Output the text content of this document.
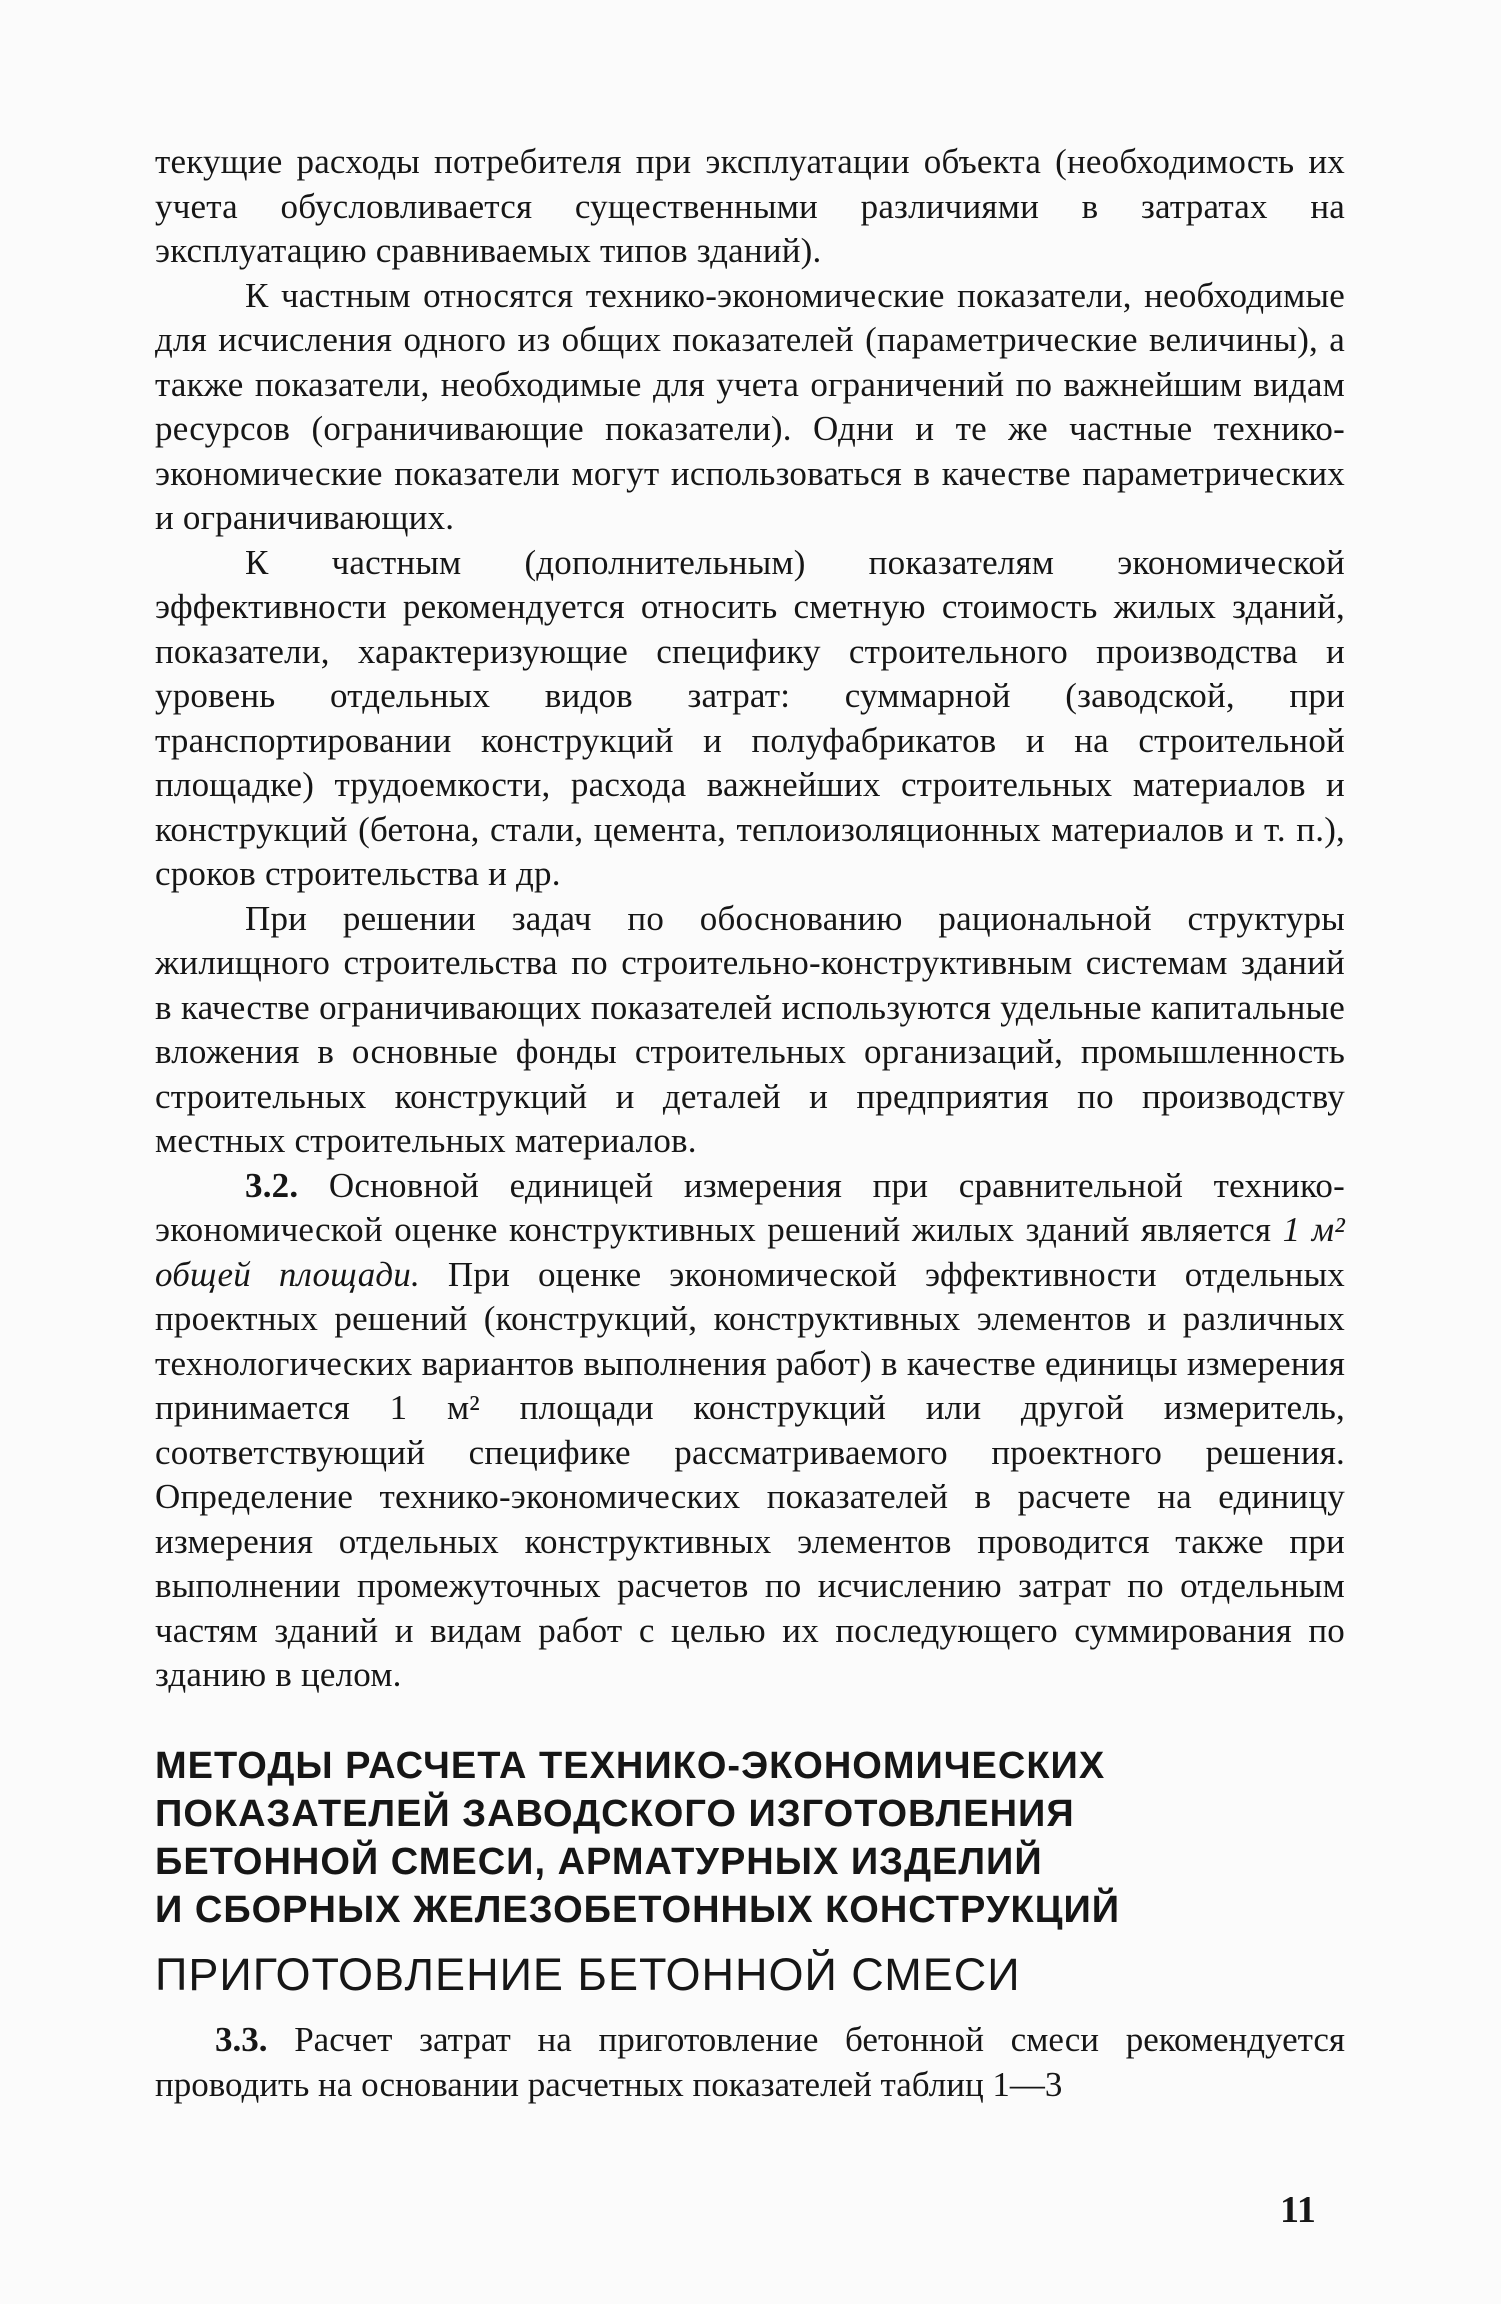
текущие расходы потребителя при эксплуатации объекта (необходимость их учета обусловливается существенными различиями в затратах на эксплуатацию сравниваемых типов зданий).

К частным относятся технико-экономические показатели, необходимые для исчисления одного из общих показателей (параметрические величины), а также показатели, необходимые для учета ограничений по важнейшим видам ресурсов (ограничивающие показатели). Одни и те же частные технико-экономические показатели могут использоваться в качестве параметрических и ограничивающих.

К частным (дополнительным) показателям экономической эффективности рекомендуется относить сметную стоимость жилых зданий, показатели, характеризующие специфику строительного производства и уровень отдельных видов затрат: суммарной (заводской, при транспортировании конструкций и полуфабрикатов и на строительной площадке) трудоемкости, расхода важнейших строительных материалов и конструкций (бетона, стали, цемента, теплоизоляционных материалов и т. п.), сроков строительства и др.

При решении задач по обоснованию рациональной структуры жилищного строительства по строительно-конструктивным системам зданий в качестве ограничивающих показателей используются удельные капитальные вложения в основные фонды строительных организаций, промышленность строительных конструкций и деталей и предприятия по производству местных строительных материалов.

3.2. Основной единицей измерения при сравнительной технико-экономической оценке конструктивных решений жилых зданий является 1 м² общей площади. При оценке экономической эффективности отдельных проектных решений (конструкций, конструктивных элементов и различных технологических вариантов выполнения работ) в качестве единицы измерения принимается 1 м² площади конструкций или другой измеритель, соответствующий специфике рассматриваемого проектного решения. Определение технико-экономических показателей в расчете на единицу измерения отдельных конструктивных элементов проводится также при выполнении промежуточных расчетов по исчислению затрат по отдельным частям зданий и видам работ с целью их последующего суммирования по зданию в целом.

МЕТОДЫ РАСЧЕТА ТЕХНИКО-ЭКОНОМИЧЕСКИХ
ПОКАЗАТЕЛЕЙ ЗАВОДСКОГО ИЗГОТОВЛЕНИЯ
БЕТОННОЙ СМЕСИ, АРМАТУРНЫХ ИЗДЕЛИЙ
И СБОРНЫХ ЖЕЛЕЗОБЕТОННЫХ КОНСТРУКЦИЙ
ПРИГОТОВЛЕНИЕ БЕТОННОЙ СМЕСИ

3.3. Расчет затрат на приготовление бетонной смеси рекомендуется проводить на основании расчетных показателей таблиц 1—3

11
